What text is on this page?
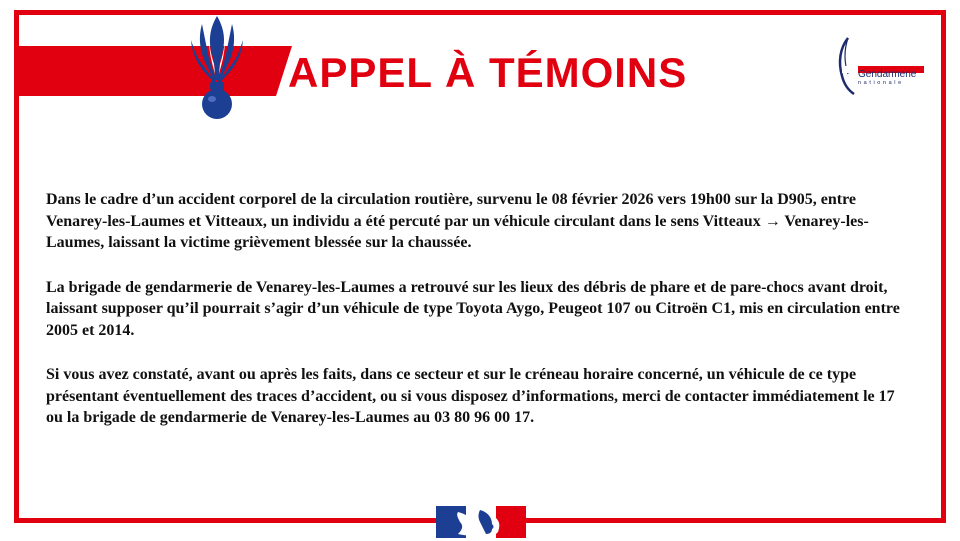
APPEL À TÉMOINS	Gendarmerie
nationale

Dans le cadre d’un accident corporel de la circulation routière, survenu le 08 février 2026 vers 19h00 sur la D905, entre Venarey-les-Laumes et Vitteaux, un individu a été percuté par un véhicule circulant dans le sens Vitteaux → Venarey-les-Laumes, laissant la victime grièvement blessée sur la chaussée.

La brigade de gendarmerie de Venarey-les-Laumes a retrouvé sur les lieux des débris de phare et de pare-chocs avant droit, laissant supposer qu’il pourrait s’agir d’un véhicule de type Toyota Aygo, Peugeot 107 ou Citroën C1, mis en circulation entre 2005 et 2014.

Si vous avez constaté, avant ou après les faits, dans ce secteur et sur le créneau horaire concerné, un véhicule de ce type présentant éventuellement des traces d’accident, ou si vous disposez d’informations, merci de contacter immédiatement le 17 ou la brigade de gendarmerie de Venarey-les-Laumes au 03 80 96 00 17.
